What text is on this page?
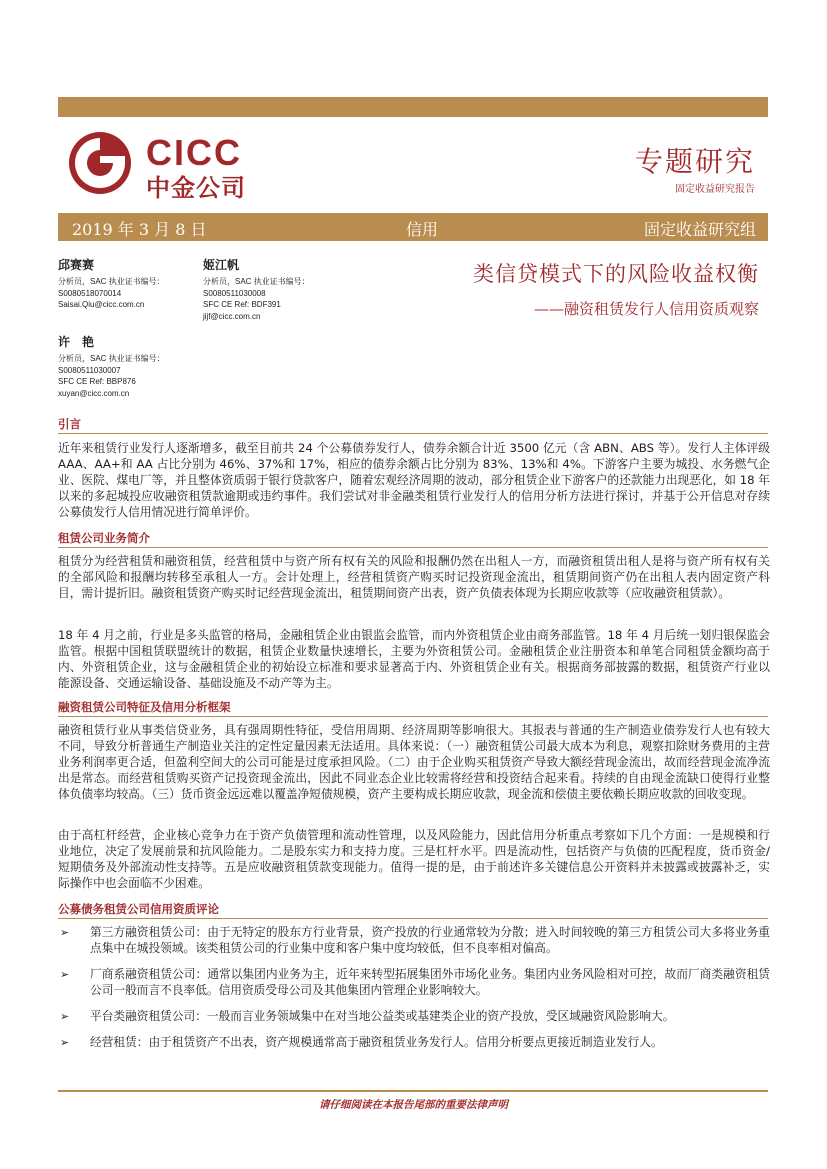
CICC
中金公司
专题研究
固定收益研究报告
2019 年 3 月 8 日	信用	固定收益研究组
邱赛赛
分析员，SAC 执业证书编号：
S0080518070014
Saisai.Qiu@cicc.com.cn
姬江帆
分析员，SAC 执业证书编号：
S0080511030008
SFC CE Ref: BDF391
jijf@cicc.com.cn
许　艳
分析员，SAC 执业证书编号：
S0080511030007
SFC CE Ref: BBP876
xuyan@cicc.com.cn
类信贷模式下的风险收益权衡
——融资租赁发行人信用资质观察
引言

近年来租赁行业发行人逐渐增多，截至目前共 24 个公募债券发行人，债券余额合计近 3500 亿元（含 ABN、ABS 等）。发行人主体评级 AAA、AA+和 AA 占比分别为 46%、37%和 17%，相应的债券余额占比分别为 83%、13%和 4%。下游客户主要为城投、水务燃气企业、医院、煤电厂等，并且整体资质弱于银行贷款客户，随着宏观经济周期的波动，部分租赁企业下游客户的还款能力出现恶化，如 18 年以来的多起城投应收融资租赁款逾期或违约事件。我们尝试对非金融类租赁行业发行人的信用分析方法进行探讨，并基于公开信息对存续公募债发行人信用情况进行简单评价。

租赁公司业务简介

租赁分为经营租赁和融资租赁，经营租赁中与资产所有权有关的风险和报酬仍然在出租人一方，而融资租赁出租人是将与资产所有权有关的全部风险和报酬均转移至承租人一方。会计处理上，经营租赁资产购买时记投资现金流出，租赁期间资产仍在出租人表内固定资产科目，需计提折旧。融资租赁资产购买时记经营现金流出，租赁期间资产出表，资产负债表体现为长期应收款等（应收融资租赁款）。

18 年 4 月之前，行业是多头监管的格局，金融租赁企业由银监会监管，而内外资租赁企业由商务部监管。18 年 4 月后统一划归银保监会监管。根据中国租赁联盟统计的数据，租赁企业数量快速增长，主要为外资租赁公司。金融租赁企业注册资本和单笔合同租赁金额均高于内、外资租赁企业，这与金融租赁企业的初始设立标准和要求显著高于内、外资租赁企业有关。根据商务部披露的数据，租赁资产行业以能源设备、交通运输设备、基础设施及不动产等为主。

融资租赁公司特征及信用分析框架

融资租赁行业从事类信贷业务，具有强周期性特征，受信用周期、经济周期等影响很大。其报表与普通的生产制造业债券发行人也有较大不同，导致分析普通生产制造业关注的定性定量因素无法适用。具体来说：（一）融资租赁公司最大成本为利息，观察扣除财务费用的主营业务利润率更合适，但盈利空间大的公司可能是过度承担风险。（二）由于企业购买租赁资产导致大额经营现金流出，故而经营现金流净流出是常态。而经营租赁购买资产记投资现金流出，因此不同业态企业比较需将经营和投资结合起来看。持续的自由现金流缺口使得行业整体负债率均较高。（三）货币资金远远难以覆盖净短债规模，资产主要构成长期应收款，现金流和偿债主要依赖长期应收款的回收变现。

由于高杠杆经营，企业核心竞争力在于资产负债管理和流动性管理，以及风险能力，因此信用分析重点考察如下几个方面：一是规模和行业地位，决定了发展前景和抗风险能力。二是股东实力和支持力度。三是杠杆水平。四是流动性，包括资产与负债的匹配程度，货币资金/短期债务及外部流动性支持等。五是应收融资租赁款变现能力。值得一提的是，由于前述许多关键信息公开资料并未披露或披露补乏，实际操作中也会面临不少困难。

公募债务租赁公司信用资质评论
➢ 第三方融资租赁公司：由于无特定的股东方行业背景，资产投放的行业通常较为分散；进入时间较晚的第三方租赁公司大多将业务重点集中在城投领域。该类租赁公司的行业集中度和客户集中度均较低，但不良率相对偏高。

➢ 厂商系融资租赁公司：通常以集团内业务为主，近年来转型拓展集团外市场化业务。集团内业务风险相对可控，故而厂商类融资租赁公司一般而言不良率低。信用资质受母公司及其他集团内管理企业影响较大。

➢ 平台类融资租赁公司：一般而言业务领域集中在对当地公益类或基建类企业的资产投放，受区域融资风险影响大。

➢ 经营租赁：由于租赁资产不出表，资产规模通常高于融资租赁业务发行人。信用分析要点更接近制造业发行人。

请仔细阅读在本报告尾部的重要法律声明
